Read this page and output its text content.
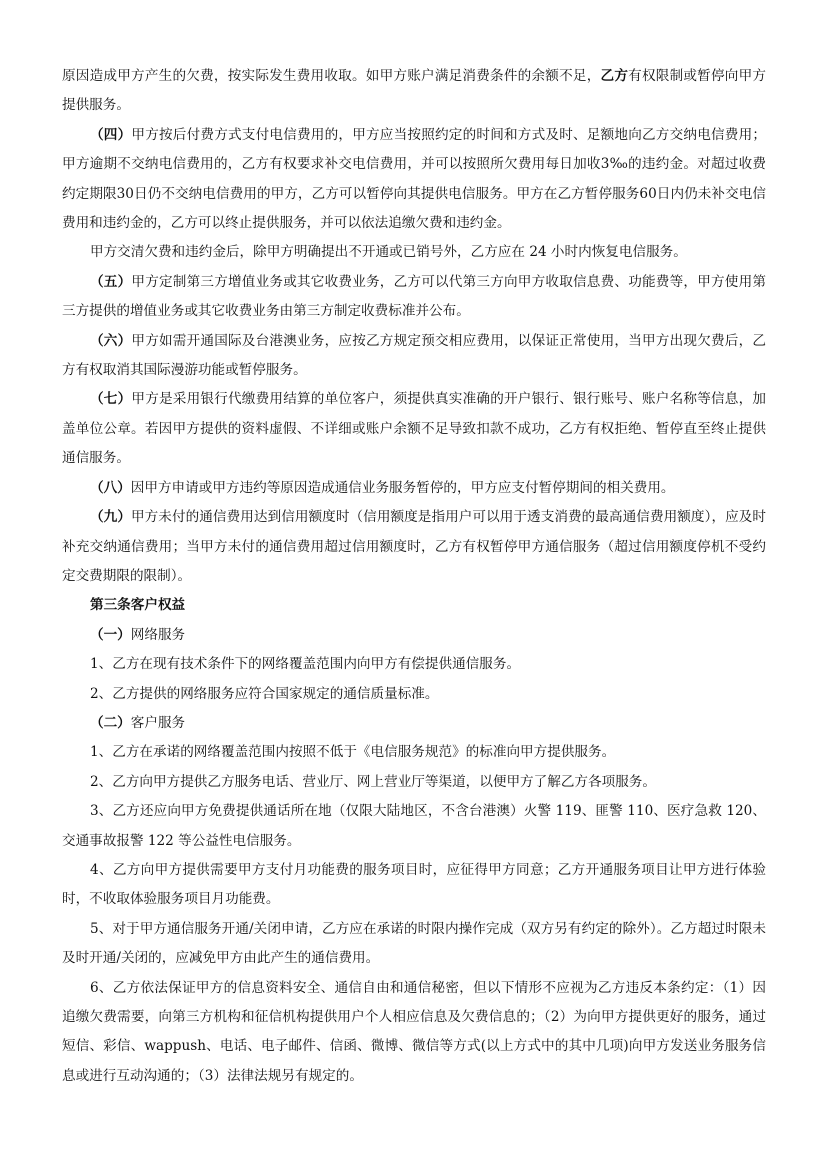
原因造成甲方产生的欠费，按实际发生费用收取。如甲方账户满足消费条件的余额不足，乙方有权限制或暂停向甲方提供服务。

（四）甲方按后付费方式支付电信费用的，甲方应当按照约定的时间和方式及时、足额地向乙方交纳电信费用；甲方逾期不交纳电信费用的，乙方有权要求补交电信费用，并可以按照所欠费用每日加收3‰的违约金。对超过收费约定期限30日仍不交纳电信费用的甲方，乙方可以暂停向其提供电信服务。甲方在乙方暂停服务60日内仍未补交电信费用和违约金的，乙方可以终止提供服务，并可以依法追缴欠费和违约金。

甲方交清欠费和违约金后，除甲方明确提出不开通或已销号外，乙方应在 24 小时内恢复电信服务。

（五）甲方定制第三方增值业务或其它收费业务，乙方可以代第三方向甲方收取信息费、功能费等，甲方使用第三方提供的增值业务或其它收费业务由第三方制定收费标准并公布。

（六）甲方如需开通国际及台港澳业务，应按乙方规定预交相应费用，以保证正常使用，当甲方出现欠费后，乙方有权取消其国际漫游功能或暂停服务。

（七）甲方是采用银行代缴费用结算的单位客户，须提供真实准确的开户银行、银行账号、账户名称等信息，加盖单位公章。若因甲方提供的资料虚假、不详细或账户余额不足导致扣款不成功，乙方有权拒绝、暂停直至终止提供通信服务。

（八）因甲方申请或甲方违约等原因造成通信业务服务暂停的，甲方应支付暂停期间的相关费用。

（九）甲方未付的通信费用达到信用额度时（信用额度是指用户可以用于透支消费的最高通信费用额度），应及时补充交纳通信费用；当甲方未付的通信费用超过信用额度时，乙方有权暂停甲方通信服务（超过信用额度停机不受约定交费期限的限制）。

第三条客户权益

（一）网络服务

1、乙方在现有技术条件下的网络覆盖范围内向甲方有偿提供通信服务。

2、乙方提供的网络服务应符合国家规定的通信质量标准。

（二）客户服务

1、乙方在承诺的网络覆盖范围内按照不低于《电信服务规范》的标准向甲方提供服务。

2、乙方向甲方提供乙方服务电话、营业厅、网上营业厅等渠道，以便甲方了解乙方各项服务。

3、乙方还应向甲方免费提供通话所在地（仅限大陆地区，不含台港澳）火警 119、匪警 110、医疗急救 120、交通事故报警 122 等公益性电信服务。

4、乙方向甲方提供需要甲方支付月功能费的服务项目时，应征得甲方同意；乙方开通服务项目让甲方进行体验时，不收取体验服务项目月功能费。

5、对于甲方通信服务开通/关闭申请，乙方应在承诺的时限内操作完成（双方另有约定的除外）。乙方超过时限未及时开通/关闭的，应减免甲方由此产生的通信费用。

6、乙方依法保证甲方的信息资料安全、通信自由和通信秘密，但以下情形不应视为乙方违反本条约定：（1）因追缴欠费需要，向第三方机构和征信机构提供用户个人相应信息及欠费信息的；（2）为向甲方提供更好的服务，通过短信、彩信、wappush、电话、电子邮件、信函、微博、微信等方式(以上方式中的其中几项)向甲方发送业务服务信息或进行互动沟通的；（3）法律法规另有规定的。
